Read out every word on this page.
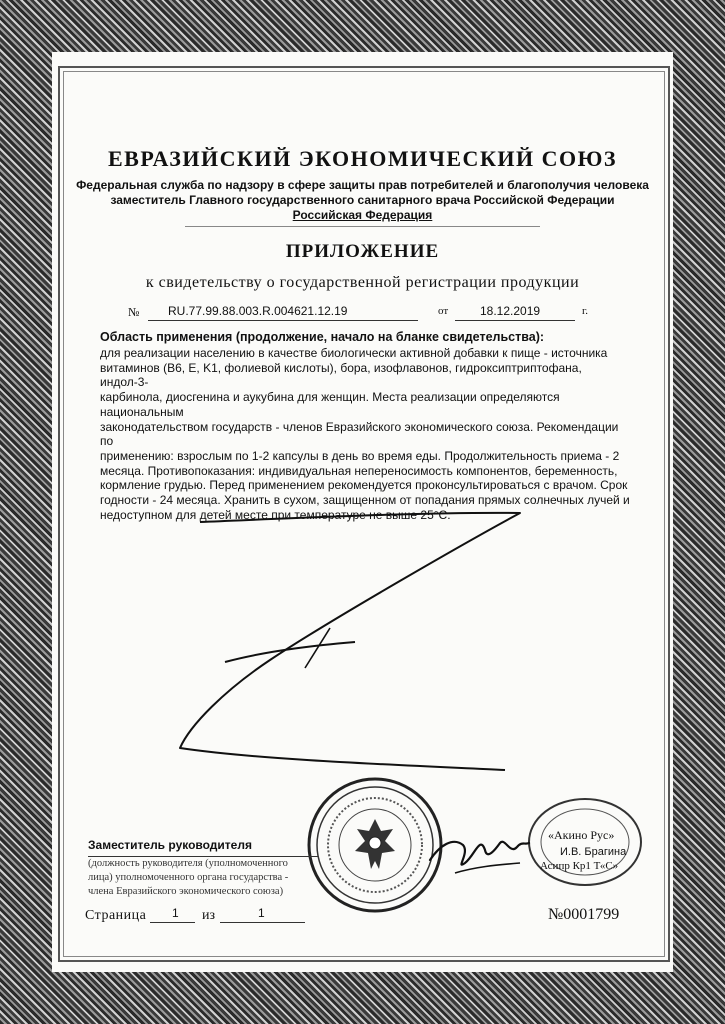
ЕВРАЗИЙСКИЙ ЭКОНОМИЧЕСКИЙ СОЮЗ
Федеральная служба по надзору в сфере защиты прав потребителей и благополучия человека
заместитель Главного государственного санитарного врача Российской Федерации
Российская Федерация
ПРИЛОЖЕНИЕ
к свидетельству о государственной регистрации продукции
№ RU.77.99.88.003.R.004621.12.19	от	18.12.2019	г.
Область применения (продолжение, начало на бланке свидетельства):
для реализации населению в качестве биологически активной добавки к пище - источника
витаминов (B6, E, K1, фолиевой кислоты), бора, изофлавонов, гидроксиптриптофана, индол-3-
карбинола, диосгенина и аукубина для женщин. Места реализации определяются национальным
законодательством государств - членов Евразийского экономического союза. Рекомендации по
применению: взрослым по 1-2 капсулы в день во время еды. Продолжительность приема - 2
месяца. Противопоказания: индивидуальная непереносимость компонентов, беременность,
кормление грудью. Перед применением рекомендуется проконсультироваться с врачом. Срок
годности - 24 месяца. Хранить в сухом, защищенном от попадания прямых солнечных лучей и
недоступном для детей месте при температуре не выше 25°C.
«Акино Рус»
Асипр Кр1 Т«С»
Заместитель руководителя
(должность руководителя (уполномоченного
лица) уполномоченного органа государства -
члена Евразийского экономического союза)
И.В. Брагина
Страница 1 из	1	№0001799
